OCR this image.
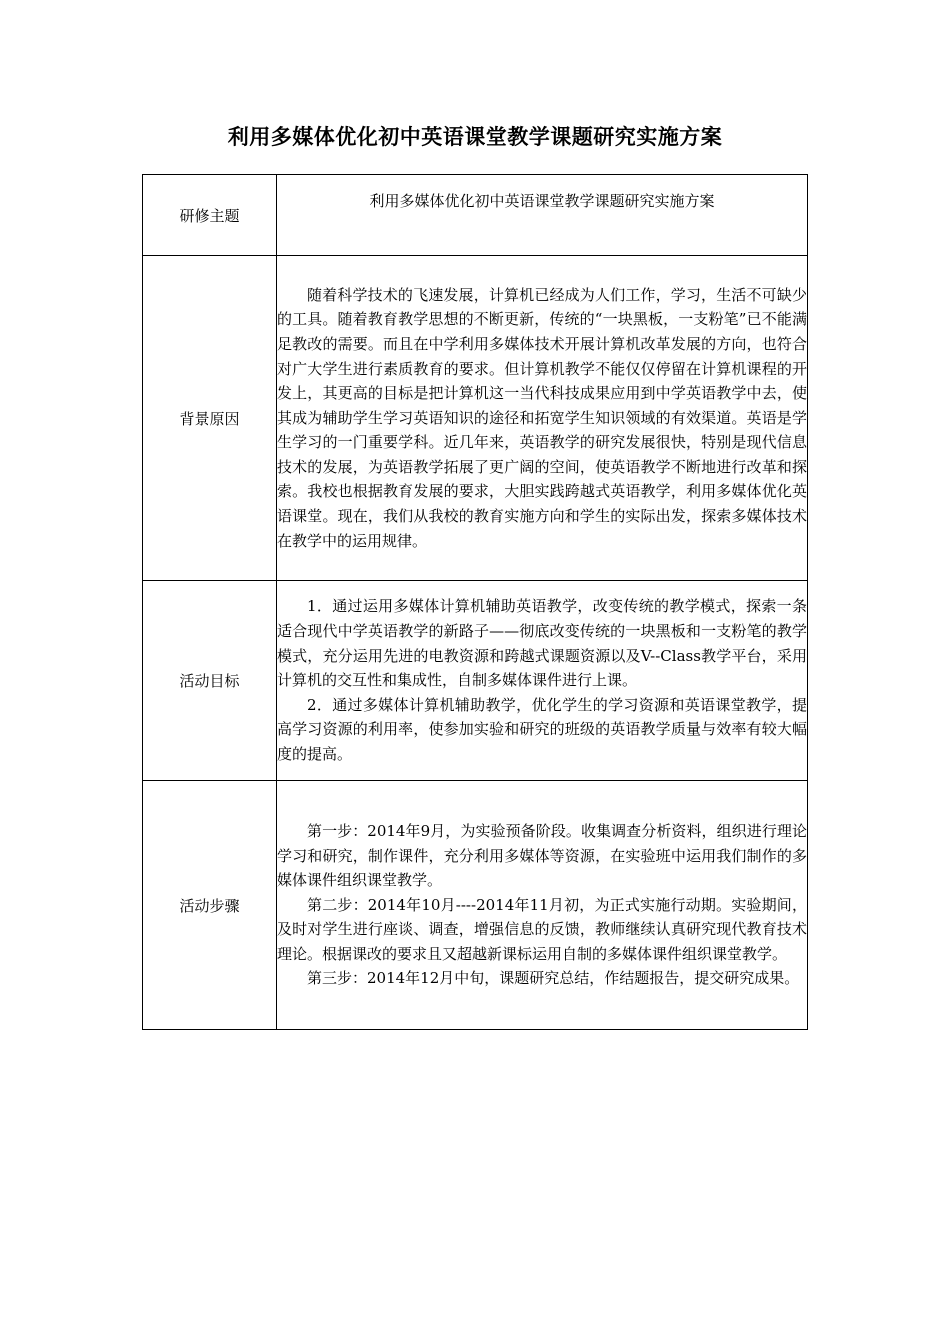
利用多媒体优化初中英语课堂教学课题研究实施方案
研修主题	利用多媒体优化初中英语课堂教学课题研究实施方案
背景原因	随着科学技术的飞速发展，计算机已经成为人们工作，学习，生活不可缺少的工具。随着教育教学思想的不断更新，传统的“一块黑板，一支粉笔”已不能满足教改的需要。而且在中学利用多媒体技术开展计算机改革发展的方向，也符合对广大学生进行素质教育的要求。但计算机教学不能仅仅停留在计算机课程的开发上，其更高的目标是把计算机这一当代科技成果应用到中学英语教学中去，使其成为辅助学生学习英语知识的途径和拓宽学生知识领域的有效渠道。英语是学生学习的一门重要学科。近几年来，英语教学的研究发展很快，特别是现代信息技术的发展，为英语教学拓展了更广阔的空间，使英语教学不断地进行改革和探索。我校也根据教育发展的要求，大胆实践跨越式英语教学，利用多媒体优化英语课堂。现在，我们从我校的教育实施方向和学生的实际出发，探索多媒体技术在教学中的运用规律。

活动目标	1．通过运用多媒体计算机辅助英语教学，改变传统的教学模式，探索一条适合现代中学英语教学的新路子——彻底改变传统的一块黑板和一支粉笔的教学模式，充分运用先进的电教资源和跨越式课题资源以及V--Class教学平台，采用计算机的交互性和集成性，自制多媒体课件进行上课。

2．通过多媒体计算机辅助教学，优化学生的学习资源和英语课堂教学，提高学习资源的利用率，使参加实验和研究的班级的英语教学质量与效率有较大幅度的提高。

活动步骤	第一步：2014年9月，为实验预备阶段。收集调查分析资料，组织进行理论学习和研究，制作课件，充分利用多媒体等资源，在实验班中运用我们制作的多媒体课件组织课堂教学。

第二步：2014年10月----2014年11月初，为正式实施行动期。实验期间，及时对学生进行座谈、调查，增强信息的反馈，教师继续认真研究现代教育技术理论。根据课改的要求且又超越新课标运用自制的多媒体课件组织课堂教学。

第三步：2014年12月中旬，课题研究总结，作结题报告，提交研究成果。
